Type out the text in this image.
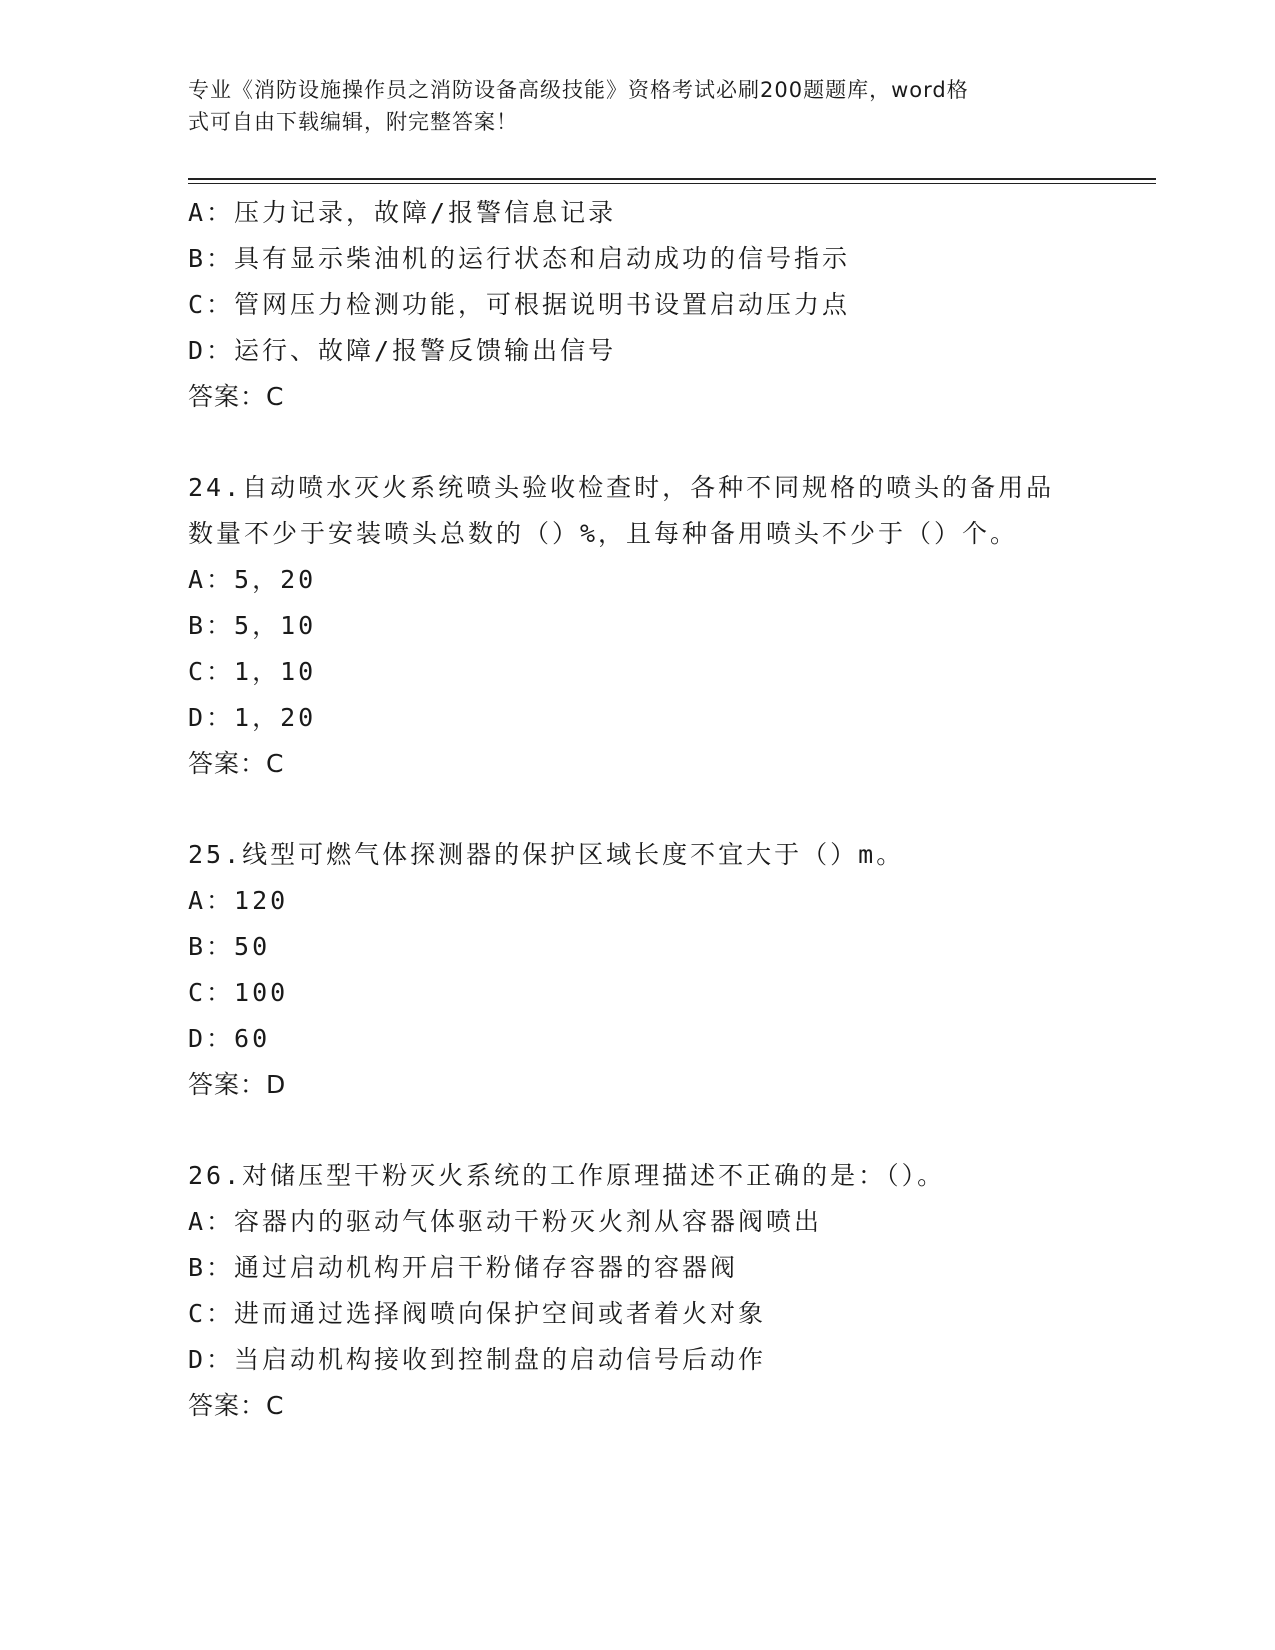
专业《消防设施操作员之消防设备高级技能》资格考试必刷200题题库，word格
式可自由下载编辑，附完整答案！
A：压力记录，故障/报警信息记录
B：具有显示柴油机的运行状态和启动成功的信号指示
C：管网压力检测功能，可根据说明书设置启动压力点
D：运行、故障/报警反馈输出信号
答案：C
24.自动喷水灭火系统喷头验收检查时，各种不同规格的喷头的备用品
数量不少于安装喷头总数的（）%，且每种备用喷头不少于（）个。
A：5，20
B：5，10
C：1，10
D：1，20
答案：C
25.线型可燃气体探测器的保护区域长度不宜大于（）m。
A：120
B：50
C：100
D：60
答案：D
26.对储压型干粉灭火系统的工作原理描述不正确的是：（）。
A：容器内的驱动气体驱动干粉灭火剂从容器阀喷出
B：通过启动机构开启干粉储存容器的容器阀
C：进而通过选择阀喷向保护空间或者着火对象
D：当启动机构接收到控制盘的启动信号后动作
答案：C
